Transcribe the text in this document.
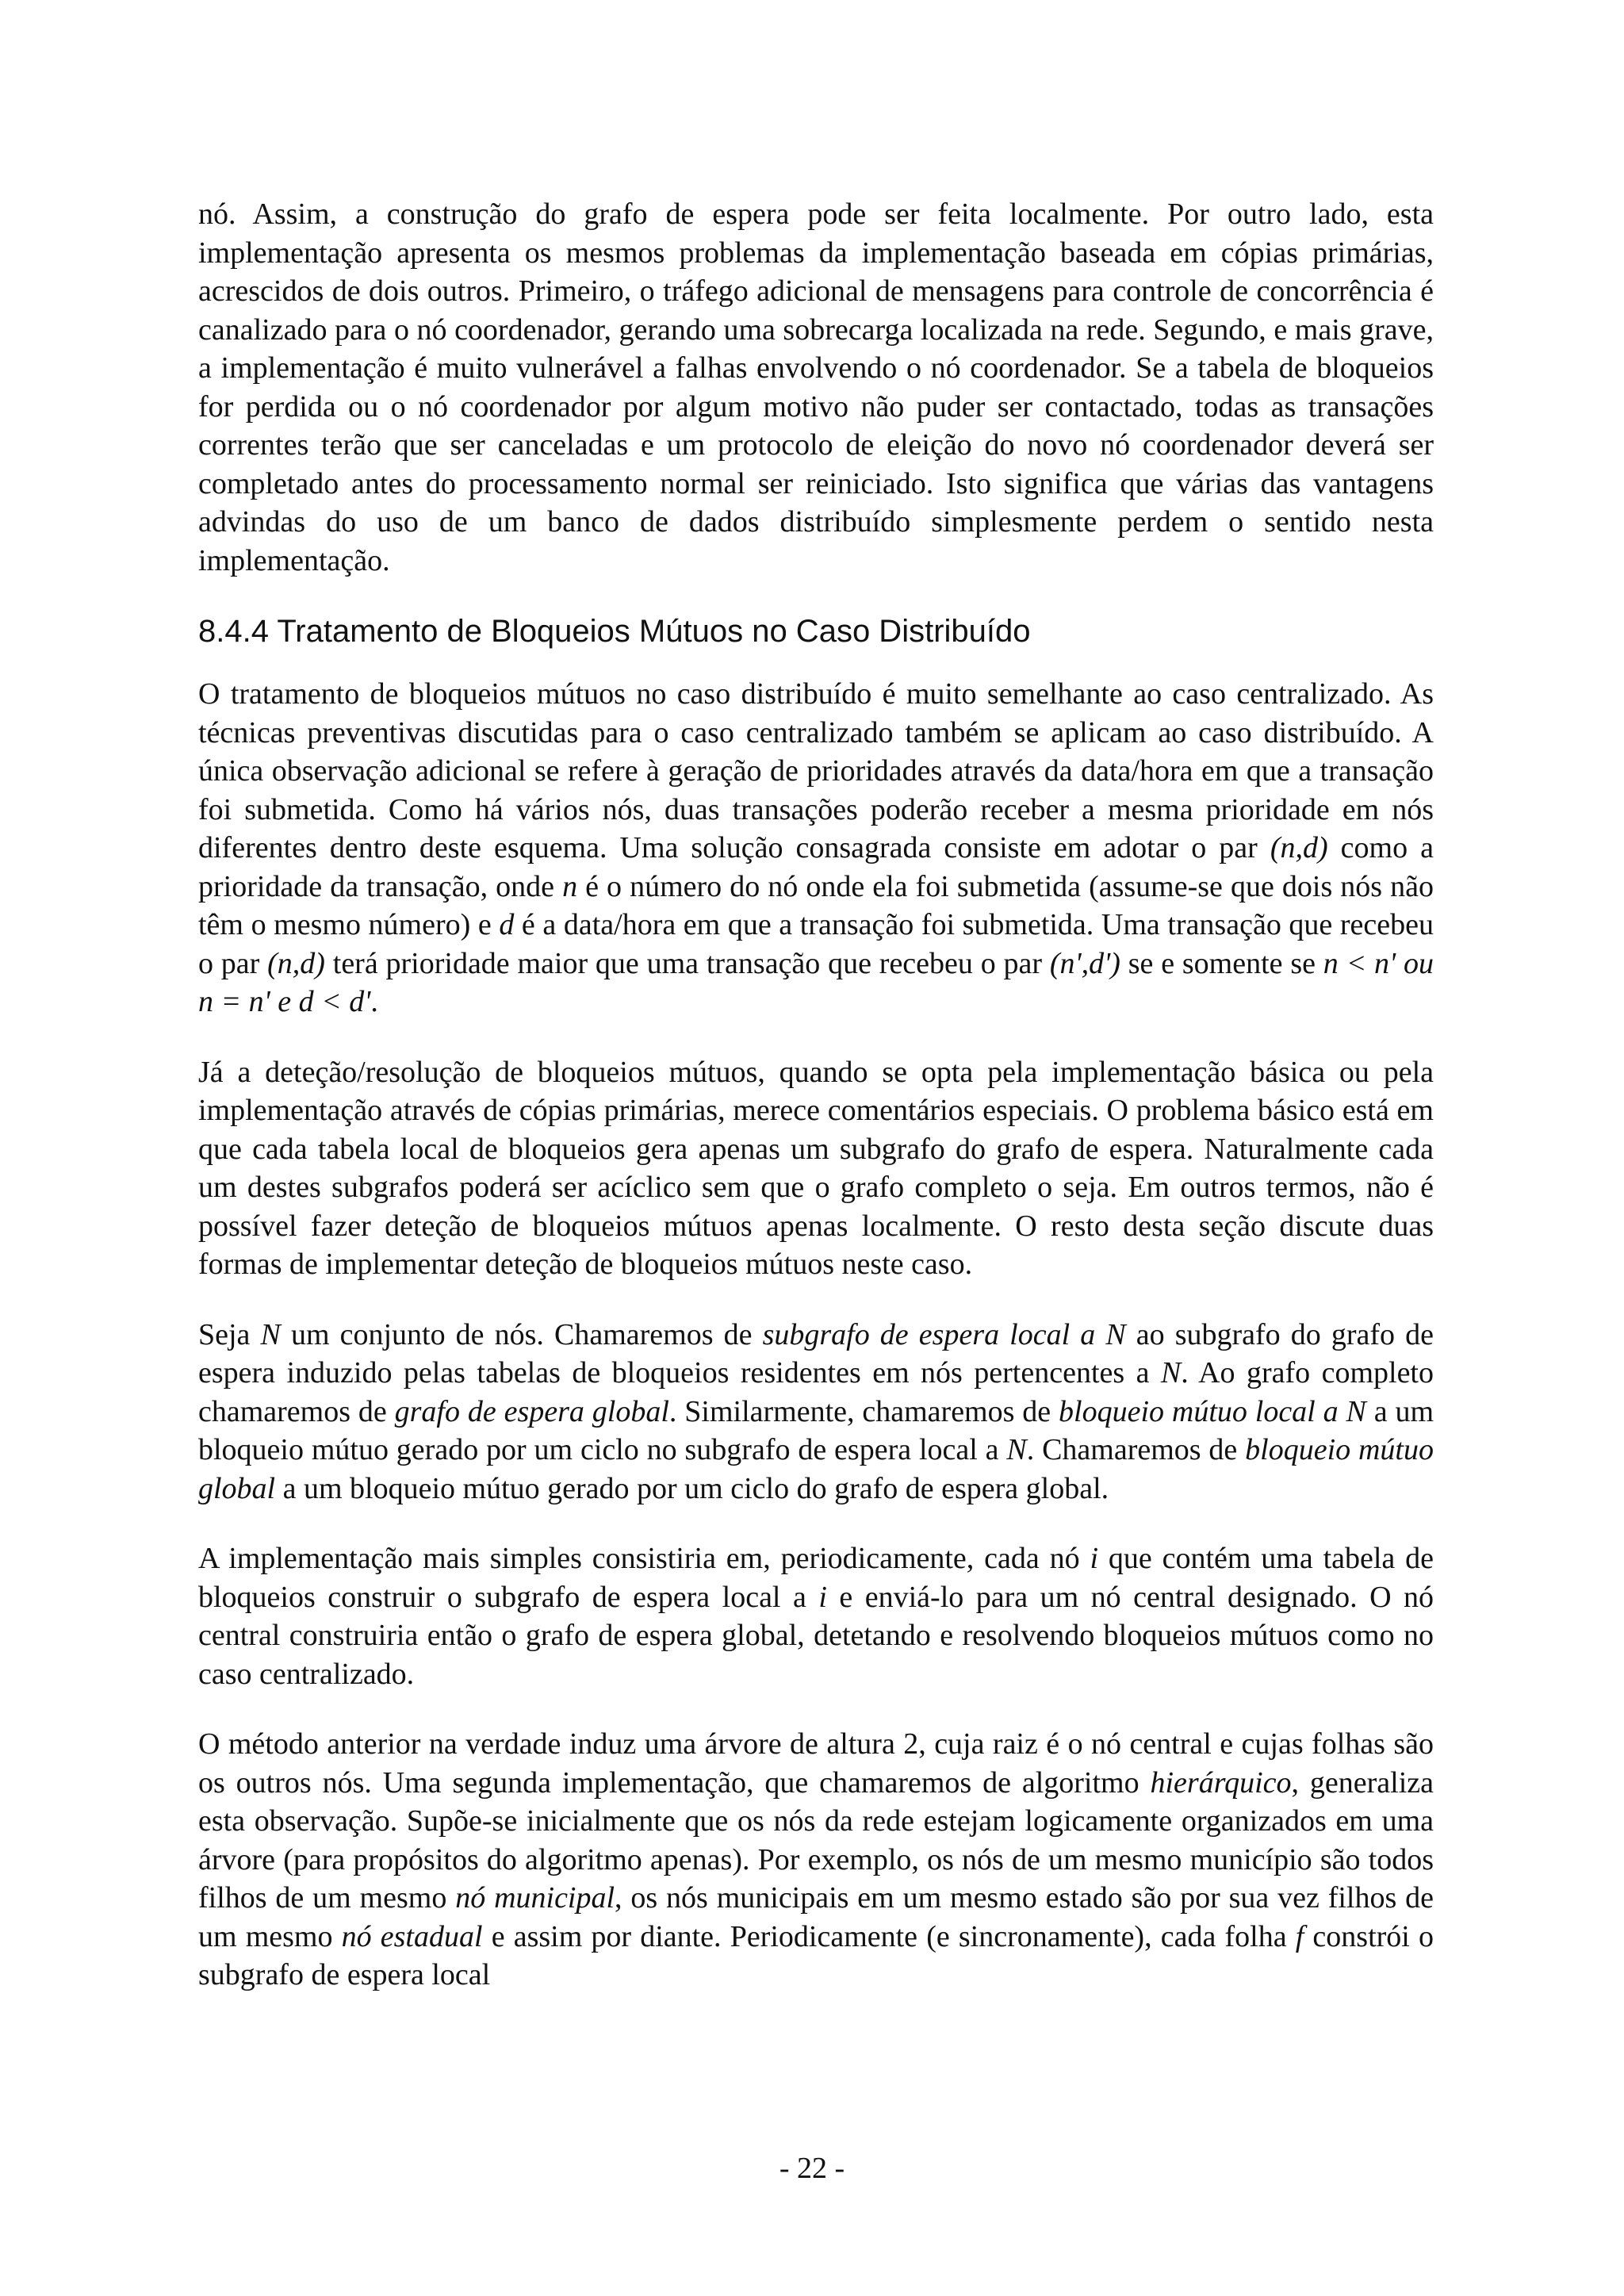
nó. Assim, a construção do grafo de espera pode ser feita localmente. Por outro lado, esta implementação apresenta os mesmos problemas da implementação baseada em cópias primárias, acrescidos de dois outros. Primeiro, o tráfego adicional de mensagens para controle de concorrência é canalizado para o nó coordenador, gerando uma sobrecarga localizada na rede. Segundo, e mais grave, a implementação é muito vulnerável a falhas envolvendo o nó coordenador. Se a tabela de bloqueios for perdida ou o nó coordenador por algum motivo não puder ser contactado, todas as transações correntes terão que ser canceladas e um protocolo de eleição do novo nó coordenador deverá ser completado antes do processamento normal ser reiniciado. Isto significa que várias das vantagens advindas do uso de um banco de dados distribuído simplesmente perdem o sentido nesta implementação.

8.4.4 Tratamento de Bloqueios Mútuos no Caso Distribuído

O tratamento de bloqueios mútuos no caso distribuído é muito semelhante ao caso centralizado. As técnicas preventivas discutidas para o caso centralizado também se aplicam ao caso distribuído. A única observação adicional se refere à geração de prioridades através da data/hora em que a transação foi submetida. Como há vários nós, duas transações poderão receber a mesma prioridade em nós diferentes dentro deste esquema. Uma solução consagrada consiste em adotar o par (n,d) como a prioridade da transação, onde n é o número do nó onde ela foi submetida (assume-se que dois nós não têm o mesmo número) e d é a data/hora em que a transação foi submetida. Uma transação que recebeu o par (n,d) terá prioridade maior que uma transação que recebeu o par (n',d') se e somente se n < n' ou n = n' e d < d'.

Já a deteção/resolução de bloqueios mútuos, quando se opta pela implementação básica ou pela implementação através de cópias primárias, merece comentários especiais. O problema básico está em que cada tabela local de bloqueios gera apenas um subgrafo do grafo de espera. Naturalmente cada um destes subgrafos poderá ser acíclico sem que o grafo completo o seja. Em outros termos, não é possível fazer deteção de bloqueios mútuos apenas localmente. O resto desta seção discute duas formas de implementar deteção de bloqueios mútuos neste caso.

Seja N um conjunto de nós. Chamaremos de subgrafo de espera local a N ao subgrafo do grafo de espera induzido pelas tabelas de bloqueios residentes em nós pertencentes a N. Ao grafo completo chamaremos de grafo de espera global. Similarmente, chamaremos de bloqueio mútuo local a N a um bloqueio mútuo gerado por um ciclo no subgrafo de espera local a N. Chamaremos de bloqueio mútuo global a um bloqueio mútuo gerado por um ciclo do grafo de espera global.

A implementação mais simples consistiria em, periodicamente, cada nó i que contém uma tabela de bloqueios construir o subgrafo de espera local a i e enviá-lo para um nó central designado. O nó central construiria então o grafo de espera global, detetando e resolvendo bloqueios mútuos como no caso centralizado.

O método anterior na verdade induz uma árvore de altura 2, cuja raiz é o nó central e cujas folhas são os outros nós. Uma segunda implementação, que chamaremos de algoritmo hierárquico, generaliza esta observação. Supõe-se inicialmente que os nós da rede estejam logicamente organizados em uma árvore (para propósitos do algoritmo apenas). Por exemplo, os nós de um mesmo município são todos filhos de um mesmo nó municipal, os nós municipais em um mesmo estado são por sua vez filhos de um mesmo nó estadual e assim por diante. Periodicamente (e sincronamente), cada folha f constrói o subgrafo de espera local

- 22 -
